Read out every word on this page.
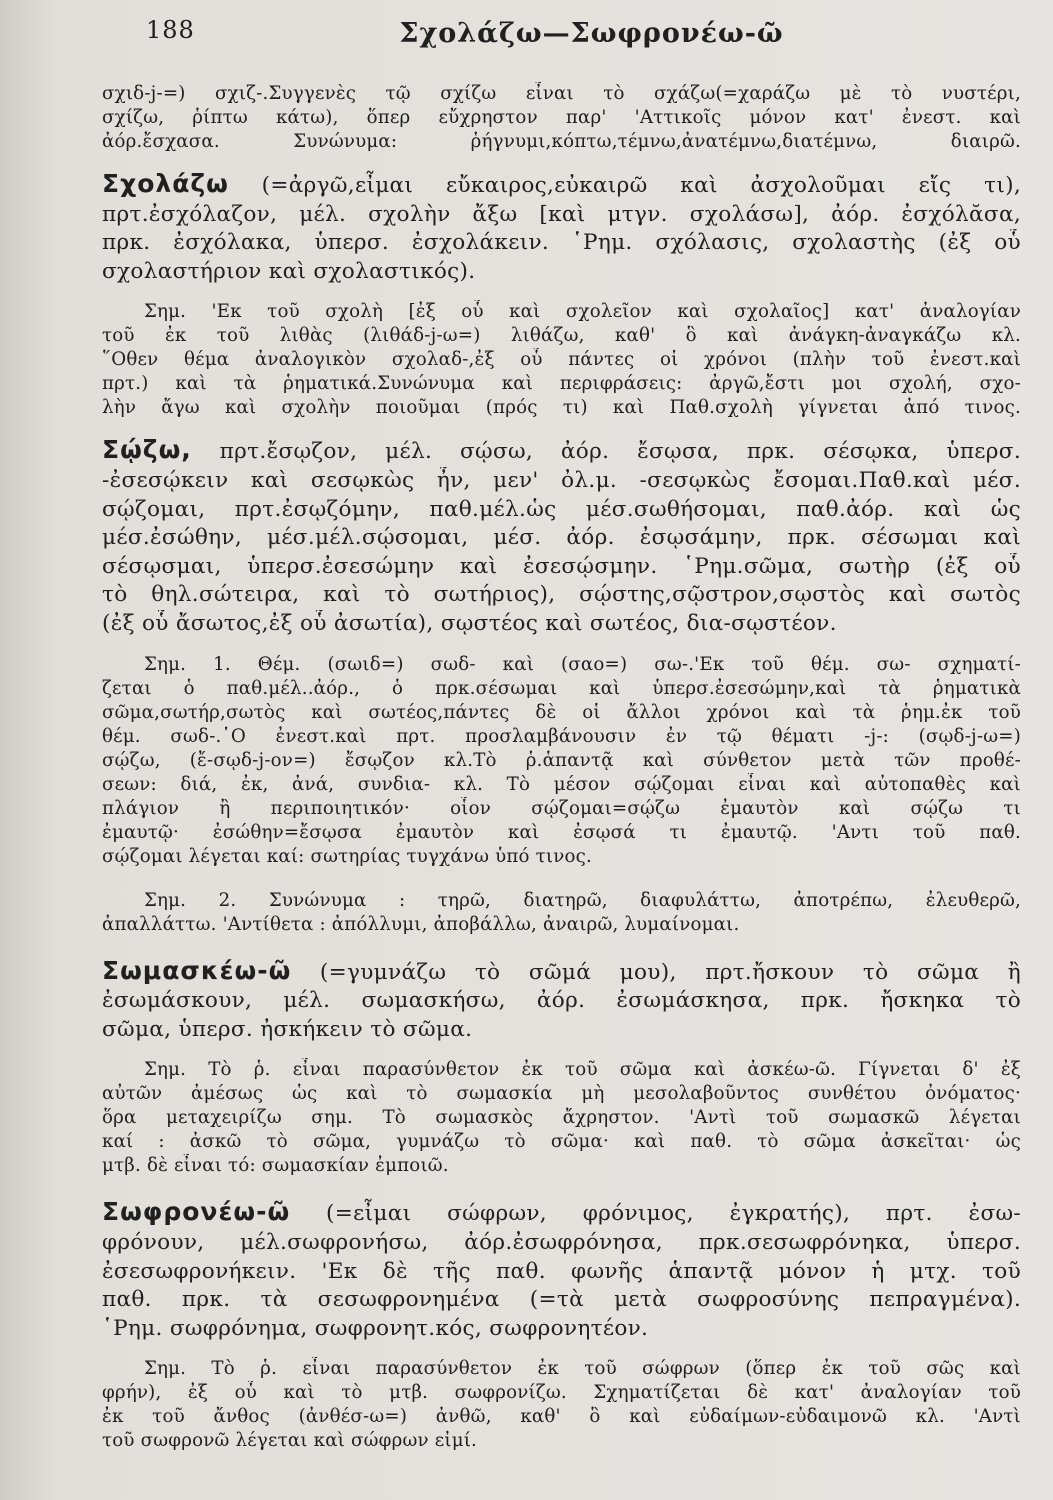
188	Σχολάζω—Σωφρονέω-ῶ
σχιδ-j-=) σχιζ-.Συγγενὲς τῷ σχίζω εἶναι τὸ σχάζω(=χαράζω μὲ τὸ νυστέρι,
σχίζω, ῥίπτω κάτω), ὅπερ εὔχρηστον παρ' 'Αττικοῖς μόνον κατ' ἐνεστ. καὶ
ἀόρ.ἔσχασα. Συνώνυμα: ῥήγνυμι,κόπτω,τέμνω,ἀνατέμνω,διατέμνω, διαιρῶ.
Σχολάζω (=ἀργῶ,εἶμαι εὔκαιρος,εὐκαιρῶ καὶ ἀσχολοῦμαι εἴς τι),
πρτ.ἐσχόλαζον, μέλ. σχολὴν ἄξω [καὶ μτγν. σχολάσω], ἀόρ. ἐσχόλᾰσα,
πρκ. ἐσχόλακα, ὑπερσ. ἐσχολάκειν. ῾Ρημ. σχόλασις, σχολαστὴς (ἐξ οὗ
σχολαστήριον καὶ σχολαστικός).
Σημ. 'Εκ τοῦ σχολὴ [ἐξ οὗ καὶ σχολεῖον καὶ σχολαῖος] κατ' ἀναλογίαν
τοῦ ἐκ τοῦ λιθὰς (λιθάδ-j-ω=) λιθάζω, καθ' ὃ καὶ ἀνάγκη-ἀναγκάζω κλ.
῞Οθεν θέμα ἀναλογικὸν σχολαδ-,ἐξ οὗ πάντες οἱ χρόνοι (πλὴν τοῦ ἐνεστ.καὶ
πρτ.) καὶ τὰ ῥηματικά.Συνώνυμα καὶ περιφράσεις: ἀργῶ,ἔστι μοι σχολή, σχο-
λὴν ἄγω καὶ σχολὴν ποιοῦμαι (πρός τι) καὶ Παθ.σχολὴ γίγνεται ἀπό τινος.
Σῴζω, πρτ.ἔσῳζον, μέλ. σῴσω, ἀόρ. ἔσῳσα, πρκ. σέσῳκα, ὑπερσ.
-ἐσεσῴκειν καὶ σεσῳκὼς ἦν, μεν' ὀλ.μ. -σεσῳκὼς ἔσομαι.Παθ.καὶ μέσ.
σῴζομαι, πρτ.ἐσῳζόμην, παθ.μέλ.ὡς μέσ.σωθήσομαι, παθ.ἀόρ. καὶ ὡς
μέσ.ἐσώθην, μέσ.μέλ.σῴσομαι, μέσ. ἀόρ. ἐσῳσάμην, πρκ. σέσωμαι καὶ
σέσῳσμαι, ὑπερσ.ἐσεσώμην καὶ ἐσεσῴσμην. ῾Ρημ.σῶμα, σωτὴρ (ἐξ οὗ
τὸ θηλ.σώτειρα, καὶ τὸ σωτήριος), σῴστης,σῷστρον,σῳστὸς καὶ σωτὸς
(ἐξ οὗ ἄσωτος,ἐξ οὗ ἀσωτία), σῳστέος καὶ σωτέος, δια-σῳστέον.
Σημ. 1. Θέμ. (σωιδ=) σωδ- καὶ (σαο=) σω-.'Εκ τοῦ θέμ. σω- σχηματί-
ζεται ὁ παθ.μέλ..ἀόρ., ὁ πρκ.σέσωμαι καὶ ὑπερσ.ἐσεσώμην,καὶ τὰ ῥηματικὰ
σῶμα,σωτήρ,σωτὸς καὶ σωτέος,πάντες δὲ οἱ ἄλλοι χρόνοι καὶ τὰ ῥημ.ἐκ τοῦ
θέμ. σωδ-.῾Ο ἐνεστ.καὶ πρτ. προσλαμβάνουσιν ἐν τῷ θέματι -j-: (σῳδ-j-ω=)
σῴζω, (ἔ-σῳδ-j-ον=) ἔσῳζον κλ.Τὸ ῥ.ἁπαντᾷ καὶ σύνθετον μετὰ τῶν προθέ-
σεων: διά, ἐκ, ἀνά, συνδια- κλ. Τὸ μέσον σῴζομαι εἶναι καὶ αὐτοπαθὲς καὶ
πλάγιον ἢ περιποιητικόν· οἷον σῴζομαι=σῴζω ἐμαυτὸν καὶ σῴζω τι
ἐμαυτῷ· ἐσώθην=ἔσῳσα ἐμαυτὸν καὶ ἐσῳσά τι ἐμαυτῷ. 'Αντι τοῦ παθ.
σῴζομαι λέγεται καί: σωτηρίας τυγχάνω ὑπό τινος.
Σημ. 2. Συνώνυμα : τηρῶ, διατηρῶ, διαφυλάττω, ἀποτρέπω, ἐλευθερῶ,
ἀπαλλάττω. 'Αντίθετα : ἀπόλλυμι, ἀποβάλλω, ἀναιρῶ, λυμαίνομαι.
Σωμασκέω-ῶ (=γυμνάζω τὸ σῶμά μου), πρτ.ἤσκουν τὸ σῶμα ἢ
ἐσωμάσκουν, μέλ. σωμασκήσω, ἀόρ. ἐσωμάσκησα, πρκ. ἤσκηκα τὸ
σῶμα, ὑπερσ. ἠσκήκειν τὸ σῶμα.
Σημ. Τὸ ῥ. εἶναι παρασύνθετον ἐκ τοῦ σῶμα καὶ ἀσκέω-ῶ. Γίγνεται δ' ἐξ
αὐτῶν ἀμέσως ὡς καὶ τὸ σωμασκία μὴ μεσολαβοῦντος συνθέτου ὀνόματος·
ὅρα μεταχειρίζω σημ. Τὸ σωμασκὸς ἄχρηστον. 'Αντὶ τοῦ σωμασκῶ λέγεται
καί : ἀσκῶ τὸ σῶμα, γυμνάζω τὸ σῶμα· καὶ παθ. τὸ σῶμα ἀσκεῖται· ὡς
μτβ. δὲ εἶναι τό: σωμασκίαν ἐμποιῶ.
Σωφρονέω-ῶ (=εἶμαι σώφρων, φρόνιμος, ἐγκρατής), πρτ. ἐσω-
φρόνουν, μέλ.σωφρονήσω, ἀόρ.ἐσωφρόνησα, πρκ.σεσωφρόνηκα, ὑπερσ.
ἐσεσωφρονήκειν. 'Εκ δὲ τῆς παθ. φωνῆς ἁπαντᾷ μόνον ἡ μτχ. τοῦ
παθ. πρκ. τὰ σεσωφρονημένα (=τὰ μετὰ σωφροσύνης πεπραγμένα).
῾Ρημ. σωφρόνημα, σωφρονητ.κός, σωφρονητέον.
Σημ. Τὸ ῥ. εἶναι παρασύνθετον ἐκ τοῦ σώφρων (ὅπερ ἐκ τοῦ σῶς καὶ
φρήν), ἐξ οὗ καὶ τὸ μτβ. σωφρονίζω. Σχηματίζεται δὲ κατ' ἀναλογίαν τοῦ
ἐκ τοῦ ἄνθος (ἀνθέσ-ω=) ἀνθῶ, καθ' ὃ καὶ εὐδαίμων-εὐδαιμονῶ κλ. 'Αντὶ
τοῦ σωφρονῶ λέγεται καὶ σώφρων εἰμί.
